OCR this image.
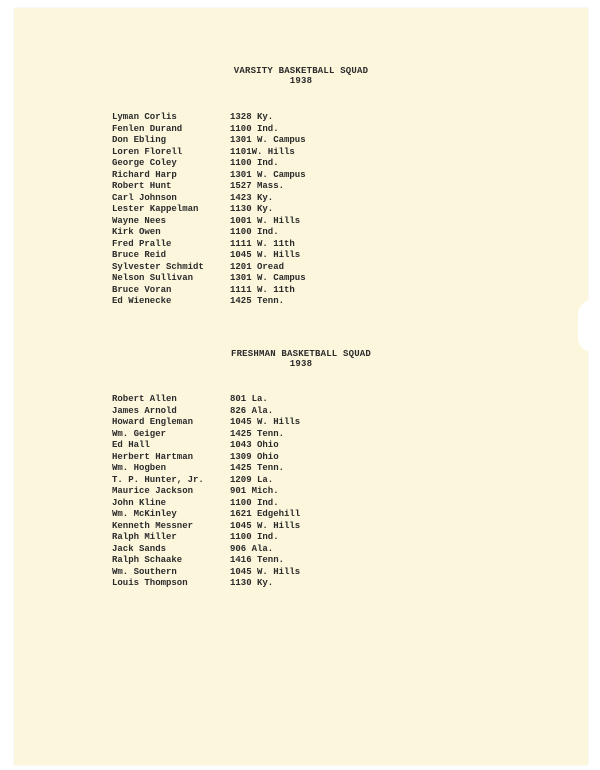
VARSITY BASKETBALL SQUAD
1938
Lyman Corlis	1328 Ky.
Fenlen Durand	1100 Ind.
Don Ebling	1301 W. Campus
Loren Florell	1101W. Hills
George Coley	1100 Ind.
Richard Harp	1301 W. Campus
Robert Hunt	1527 Mass.
Carl Johnson	1423 Ky.
Lester Kappelman	1130 Ky.
Wayne Nees	1001 W. Hills
Kirk Owen	1100 Ind.
Fred Pralle	1111 W. 11th
Bruce Reid	1045 W. Hills
Sylvester Schmidt	1201 Oread
Nelson Sullivan	1301 W. Campus
Bruce Voran	1111 W. 11th
Ed Wienecke	1425 Tenn.
FRESHMAN BASKETBALL SQUAD
1938
Robert Allen	801 La.
James Arnold	826 Ala.
Howard Engleman	1045 W. Hills
Wm. Geiger	1425 Tenn.
Ed Hall	1043 Ohio
Herbert Hartman	1309 Ohio
Wm. Hogben	1425 Tenn.
T. P. Hunter, Jr.	1209 La.
Maurice Jackson	901 Mich.
John Kline	1100 Ind.
Wm. McKinley	1621 Edgehill
Kenneth Messner	1045 W. Hills
Ralph Miller	1100 Ind.
Jack Sands	906 Ala.
Ralph Schaake	1416 Tenn.
Wm. Southern	1045 W. Hills
Louis Thompson	1130 Ky.
